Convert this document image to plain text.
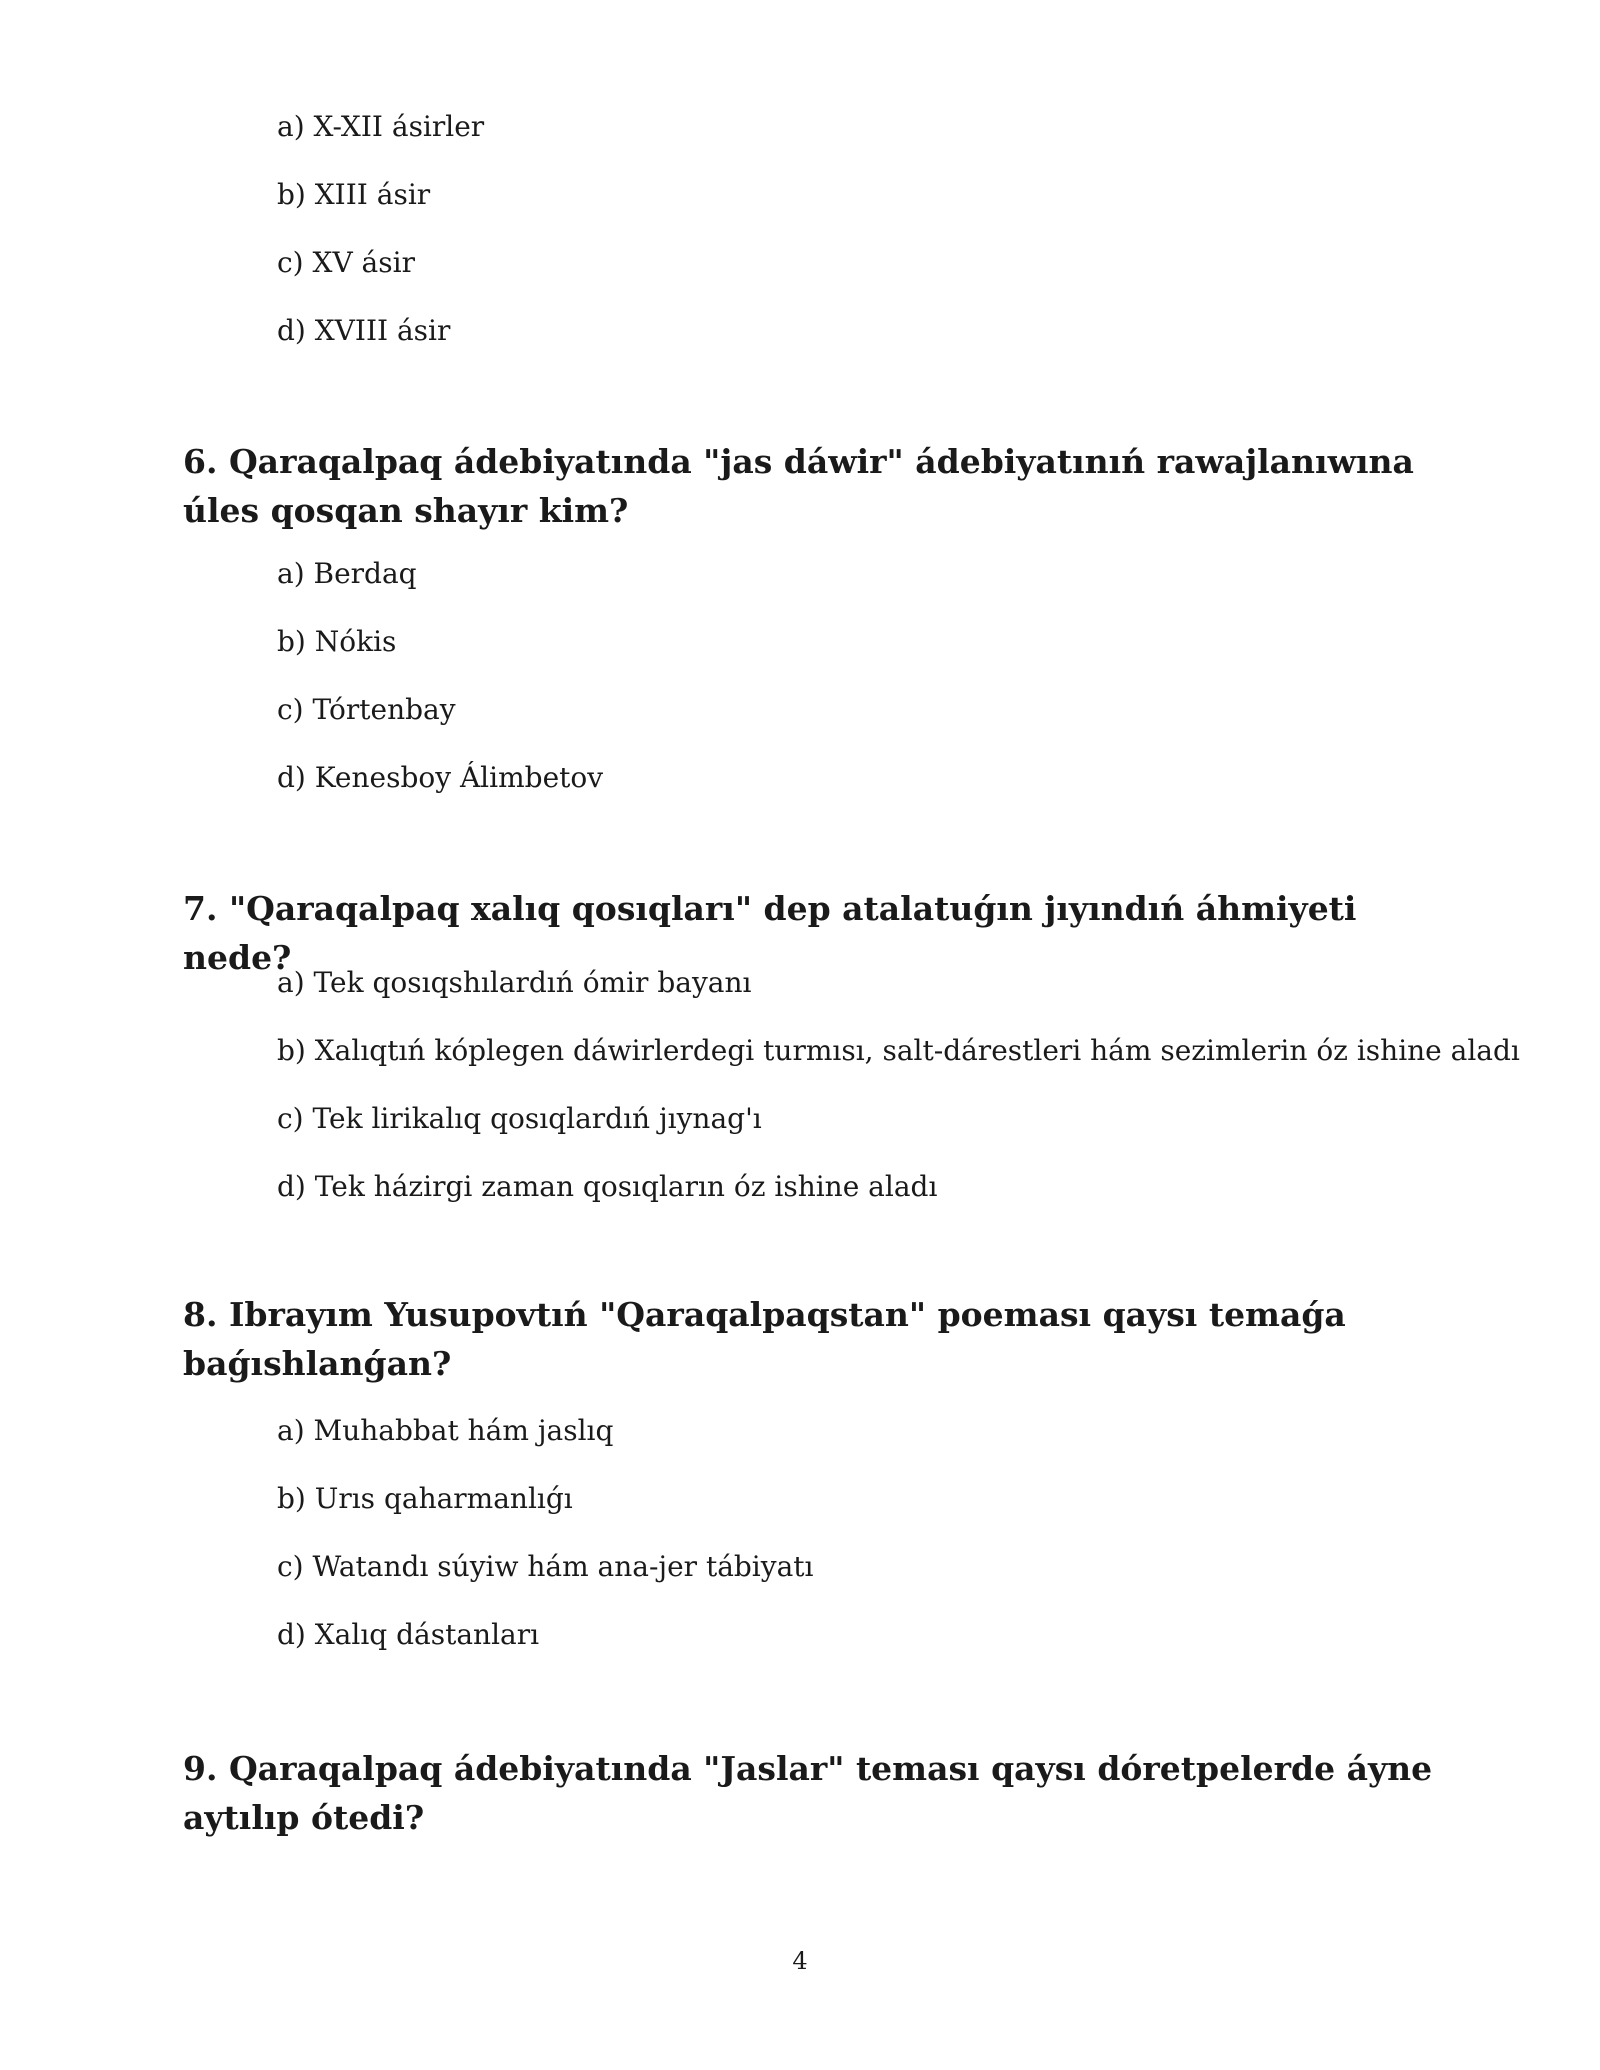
a) X-XII ásirler
b) XIII ásir
c) XV ásir
d) XVIII ásir

6. Qaraqalpaq ádebiyatında "jas dáwir" ádebiyatınıń rawajlanıwına úles qosqan shayır kim?

a) Berdaq
b) Nókis
c) Tórtenbay
d) Kenesboy Álimbetov

7. "Qaraqalpaq xalıq qosıqları" dep atalatuǵın jıyındıń áhmiyeti nede?

a) Tek qosıqshılardıń ómir bayanı
b) Xalıqtıń kóplegen dáwirlerdegi turmısı, salt-dárestleri hám sezimlerin óz ishine aladı
c) Tek lirikalıq qosıqlardıń jıynag'ı
d) Tek házirgi zaman qosıqların óz ishine aladı

8. Ibrayım Yusupovtıń "Qaraqalpaqstan" poeması qaysı temaǵa baǵıshlanǵan?

a) Muhabbat hám jaslıq
b) Urıs qaharmanlıǵı
c) Watandı súyiw hám ana-jer tábiyatı
d) Xalıq dástanları

9. Qaraqalpaq ádebiyatında "Jaslar" teması qaysı dóretpelerde áyne aytılıp ótedi?

4
